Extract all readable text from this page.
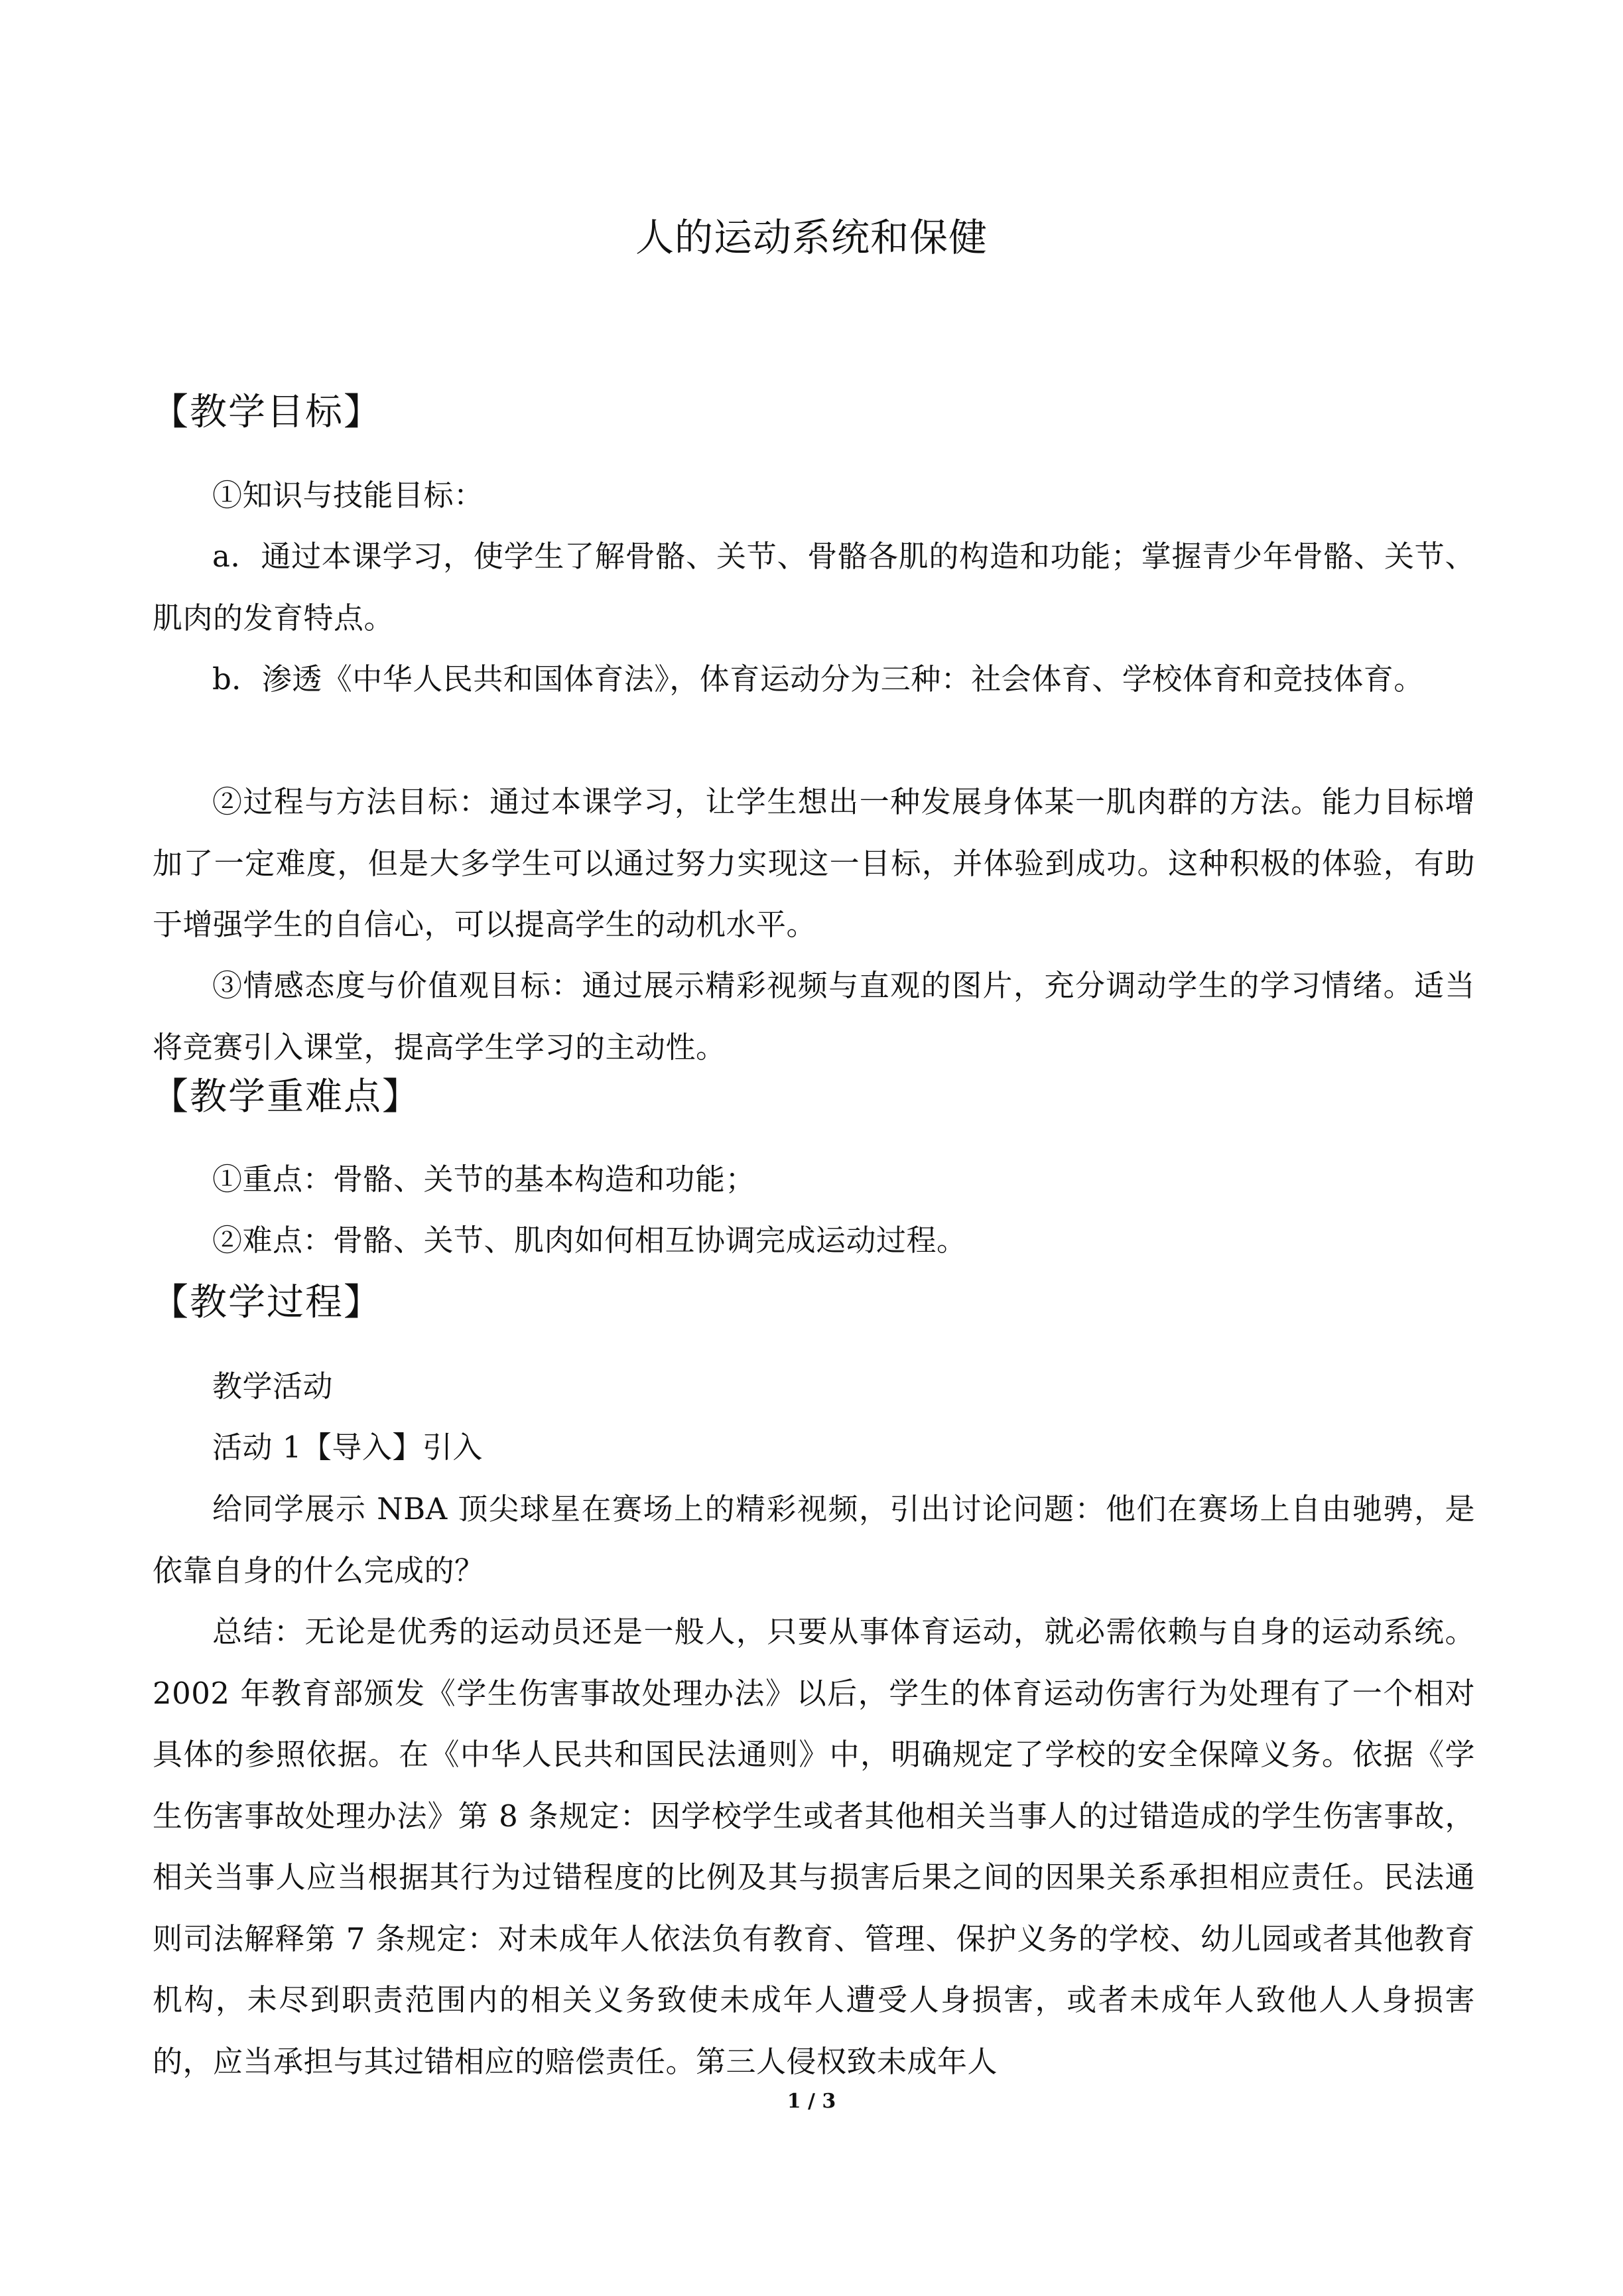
人的运动系统和保健
【教学目标】

①知识与技能目标：

a．通过本课学习，使学生了解骨骼、关节、骨骼各肌的构造和功能；掌握青少年骨骼、关节、肌肉的发育特点。

b．渗透《中华人民共和国体育法》，体育运动分为三种：社会体育、学校体育和竞技体育。

②过程与方法目标：通过本课学习，让学生想出一种发展身体某一肌肉群的方法。能力目标增加了一定难度，但是大多学生可以通过努力实现这一目标，并体验到成功。这种积极的体验，有助于增强学生的自信心，可以提高学生的动机水平。

③情感态度与价值观目标：通过展示精彩视频与直观的图片，充分调动学生的学习情绪。适当将竞赛引入课堂，提高学生学习的主动性。

【教学重难点】

①重点：骨骼、关节的基本构造和功能；

②难点：骨骼、关节、肌肉如何相互协调完成运动过程。

【教学过程】

教学活动

活动 1【导入】引入

给同学展示 NBA 顶尖球星在赛场上的精彩视频，引出讨论问题：他们在赛场上自由驰骋，是依靠自身的什么完成的？

总结：无论是优秀的运动员还是一般人，只要从事体育运动，就必需依赖与自身的运动系统。2002 年教育部颁发《学生伤害事故处理办法》以后，学生的体育运动伤害行为处理有了一个相对具体的参照依据。在《中华人民共和国民法通则》中，明确规定了学校的安全保障义务。依据《学生伤害事故处理办法》第 8 条规定：因学校学生或者其他相关当事人的过错造成的学生伤害事故，相关当事人应当根据其行为过错程度的比例及其与损害后果之间的因果关系承担相应责任。民法通则司法解释第 7 条规定：对未成年人依法负有教育、管理、保护义务的学校、幼儿园或者其他教育机构，未尽到职责范围内的相关义务致使未成年人遭受人身损害，或者未成年人致他人人身损害的，应当承担与其过错相应的赔偿责任。第三人侵权致未成年人

1 / 3
